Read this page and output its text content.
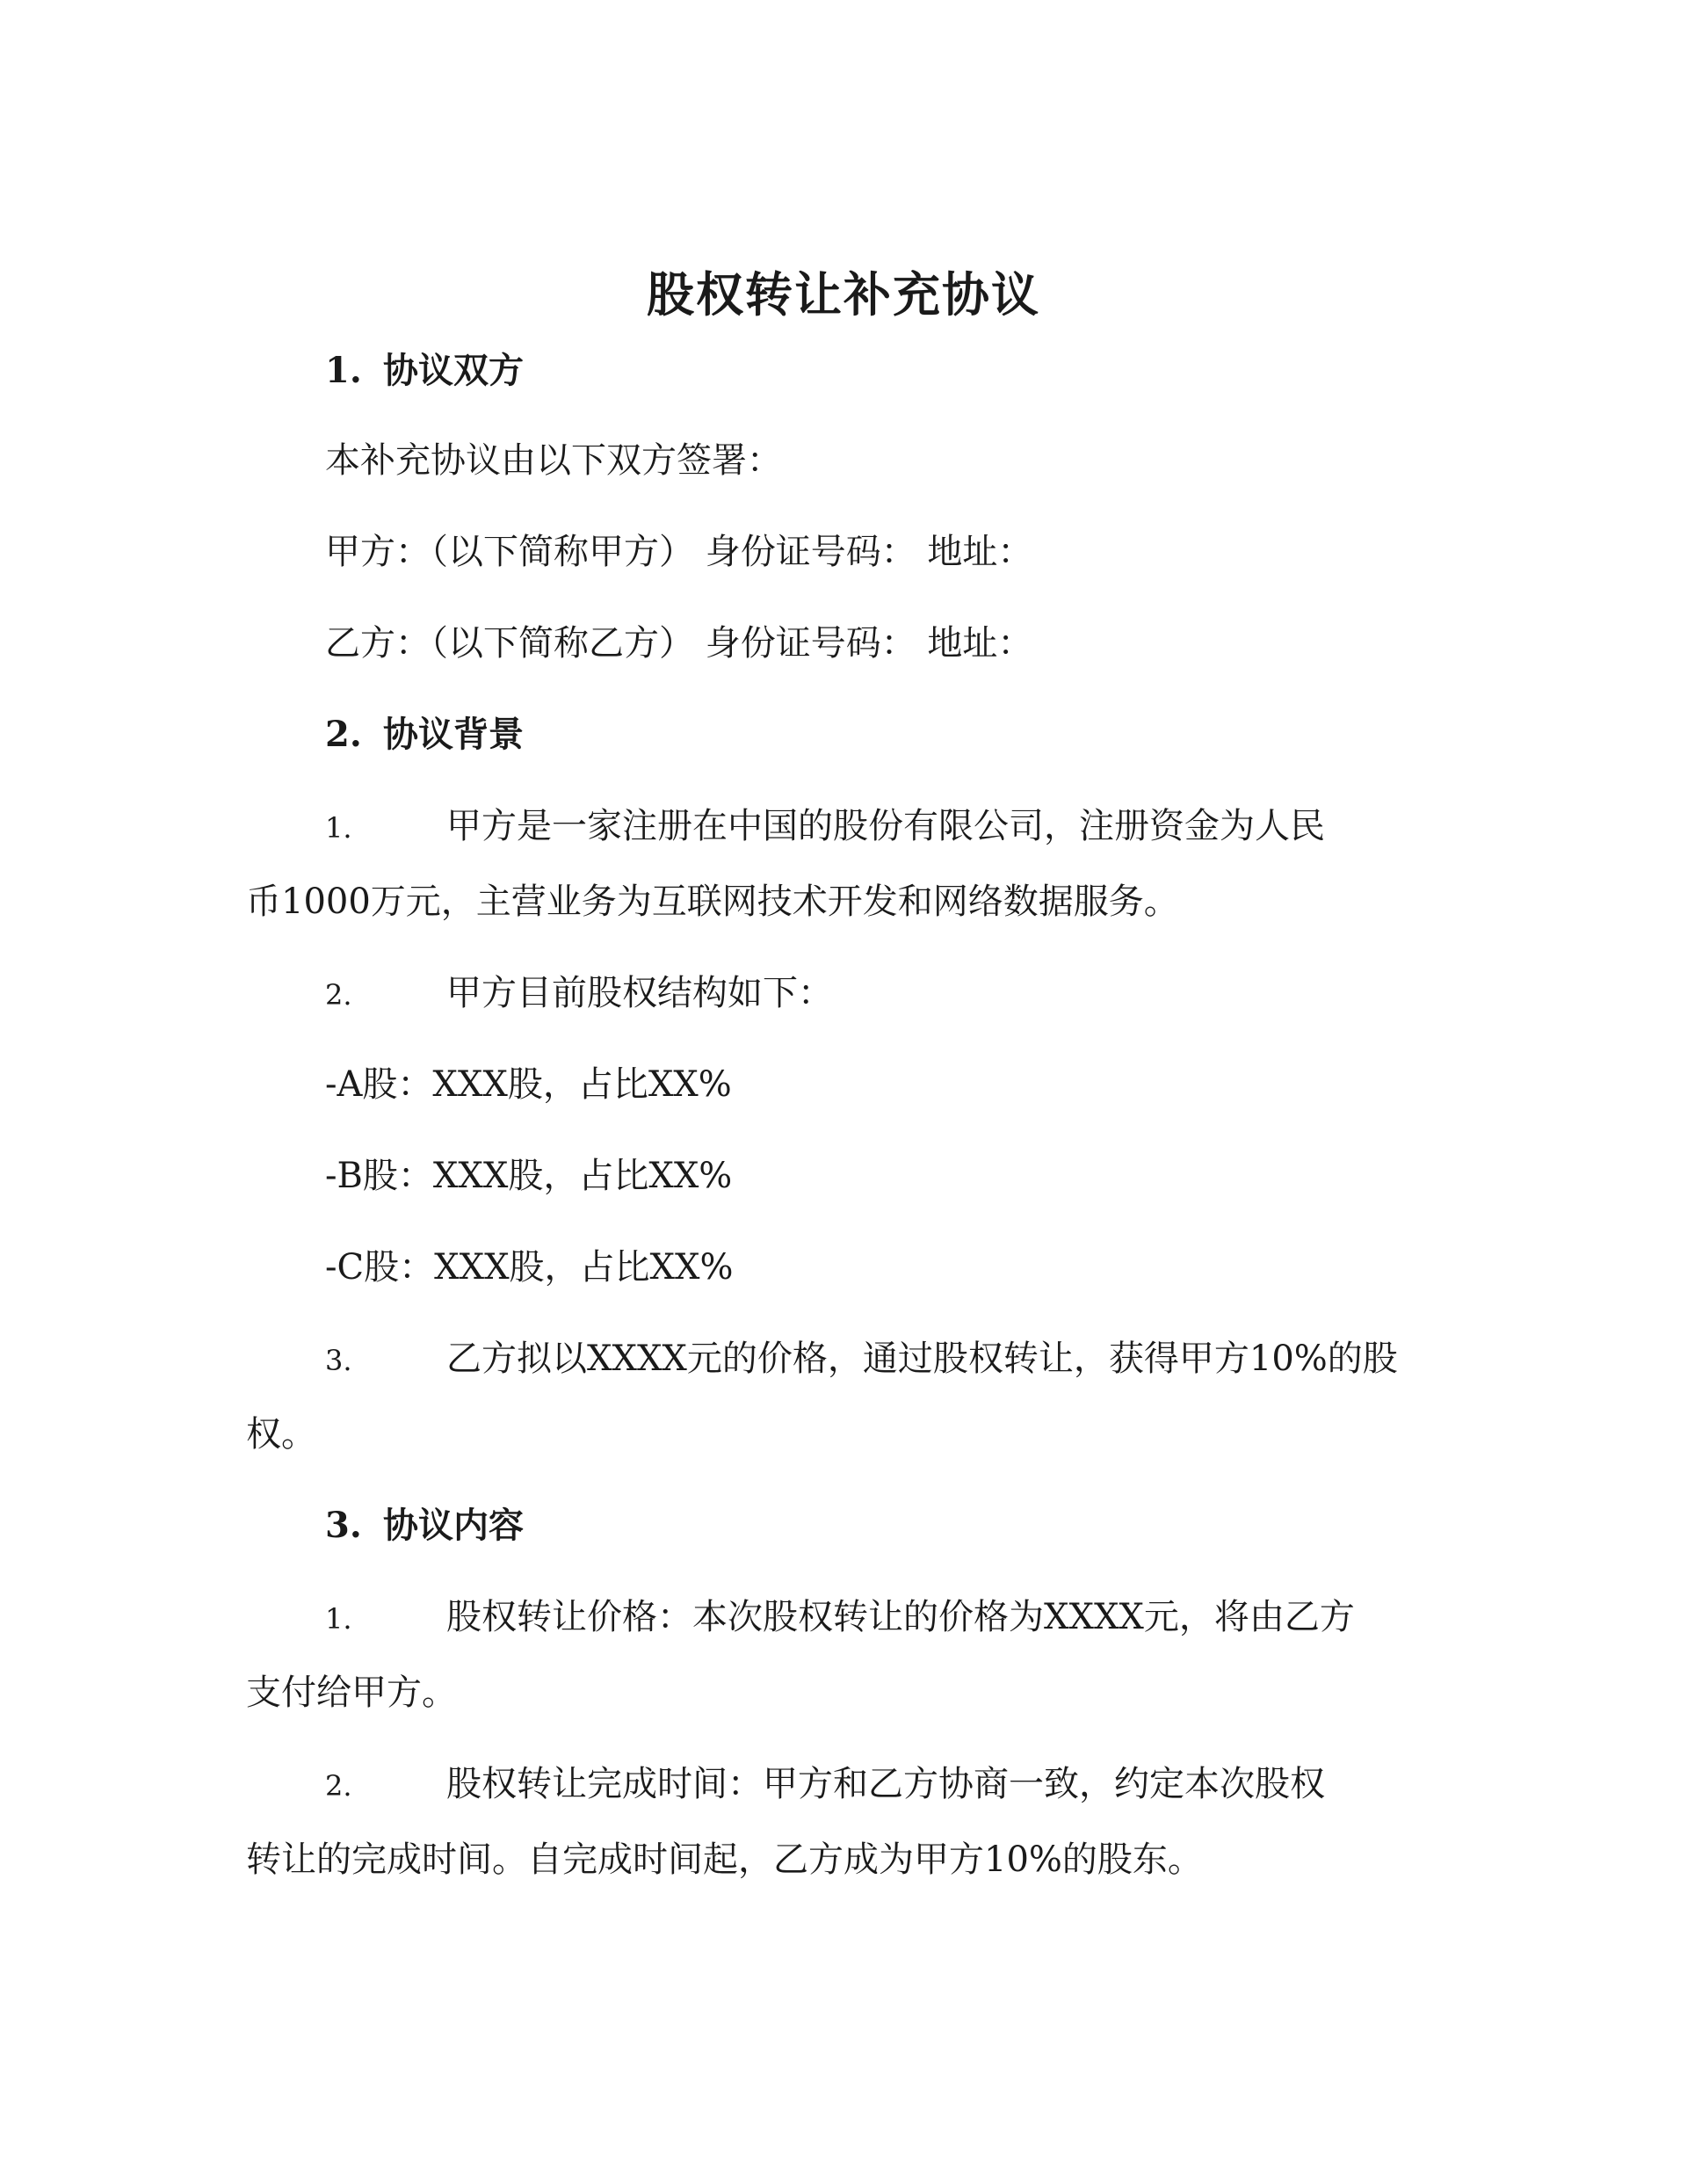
股权转让补充协议
1. 协议双方
本补充协议由以下双方签署：
甲方：（以下简称甲方） 身份证号码： 地址：
乙方：（以下简称乙方） 身份证号码： 地址：
2. 协议背景
1.	甲方是一家注册在中国的股份有限公司，注册资金为人民
币1000万元，主营业务为互联网技术开发和网络数据服务。
2.	甲方目前股权结构如下：
-A股：XXX股，占比XX%
-B股：XXX股，占比XX%
-C股：XXX股，占比XX%
3.	乙方拟以XXXX元的价格，通过股权转让，获得甲方10%的股
权。
3. 协议内容
1.	股权转让价格：本次股权转让的价格为XXXX元，将由乙方
支付给甲方。
2.	股权转让完成时间：甲方和乙方协商一致，约定本次股权
转让的完成时间。自完成时间起，乙方成为甲方10%的股东。
